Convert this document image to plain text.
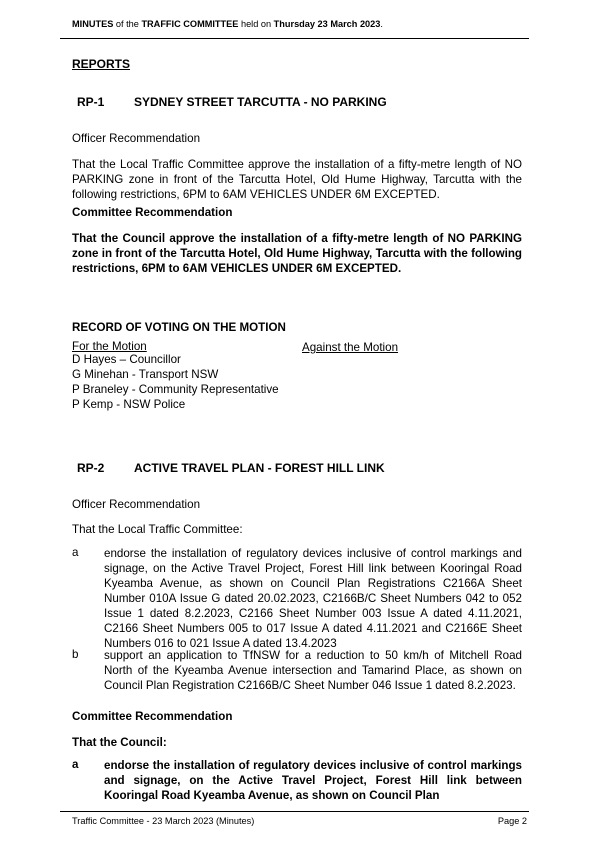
MINUTES of the TRAFFIC COMMITTEE held on Thursday 23 March 2023.
REPORTS
RP-1 SYDNEY STREET TARCUTTA - NO PARKING
Officer Recommendation
That the Local Traffic Committee approve the installation of a fifty-metre length of NO PARKING zone in front of the Tarcutta Hotel, Old Hume Highway, Tarcutta with the following restrictions, 6PM to 6AM VEHICLES UNDER 6M EXCEPTED.
Committee Recommendation
That the Council approve the installation of a fifty-metre length of NO PARKING zone in front of the Tarcutta Hotel, Old Hume Highway, Tarcutta with the following restrictions, 6PM to 6AM VEHICLES UNDER 6M EXCEPTED.
RECORD OF VOTING ON THE MOTION
For the Motion	Against the Motion
D Hayes – Councillor
G Minehan - Transport NSW
P Braneley - Community Representative
P Kemp - NSW Police
RP-2 ACTIVE TRAVEL PLAN - FOREST HILL LINK
Officer Recommendation
That the Local Traffic Committee:
a endorse the installation of regulatory devices inclusive of control markings and signage, on the Active Travel Project, Forest Hill link between Kooringal Road Kyeamba Avenue, as shown on Council Plan Registrations C2166A Sheet Number 010A Issue G dated 20.02.2023, C2166B/C Sheet Numbers 042 to 052 Issue 1 dated 8.2.2023, C2166 Sheet Number 003 Issue A dated 4.11.2021, C2166 Sheet Numbers 005 to 017 Issue A dated 4.11.2021 and C2166E Sheet Numbers 016 to 021 Issue A dated 13.4.2023
b support an application to TfNSW for a reduction to 50 km/h of Mitchell Road North of the Kyeamba Avenue intersection and Tamarind Place, as shown on Council Plan Registration C2166B/C Sheet Number 046 Issue 1 dated 8.2.2023.
Committee Recommendation
That the Council:
a endorse the installation of regulatory devices inclusive of control markings and signage, on the Active Travel Project, Forest Hill link between Kooringal Road Kyeamba Avenue, as shown on Council Plan
Traffic Committee - 23 March 2023 (Minutes)	Page 2
